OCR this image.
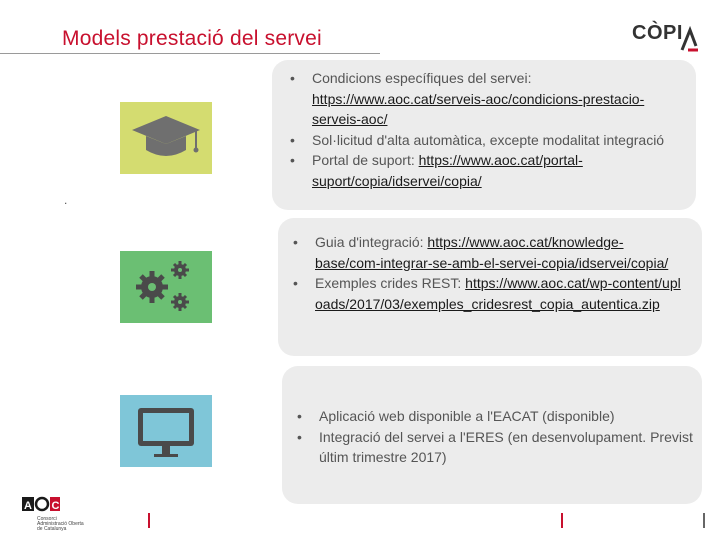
Models prestació del servei	CÒPI
.
• Condicions específiques del servei: https://www.aoc.cat/serveis-aoc/condicions-prestacio-serveis-aoc/
• Sol·licitud d'alta automàtica, excepte modalitat integració
• Portal de suport: https://www.aoc.cat/portal-suport/copia/idservei/copia/
• Guia d'integració: https://www.aoc.cat/knowledge-base/com-integrar-se-amb-el-servei-copia/idservei/copia/
• Exemples crides REST: https://www.aoc.cat/wp-content/uploads/2017/03/exemples_cridesrest_copia_autentica.zip
• Aplicació web disponible a l'EACAT (disponible)
• Integració del servei a l'ERES (en desenvolupament. Previst últim trimestre 2017)
A C
Consorci Administració Oberta de Catalunya
